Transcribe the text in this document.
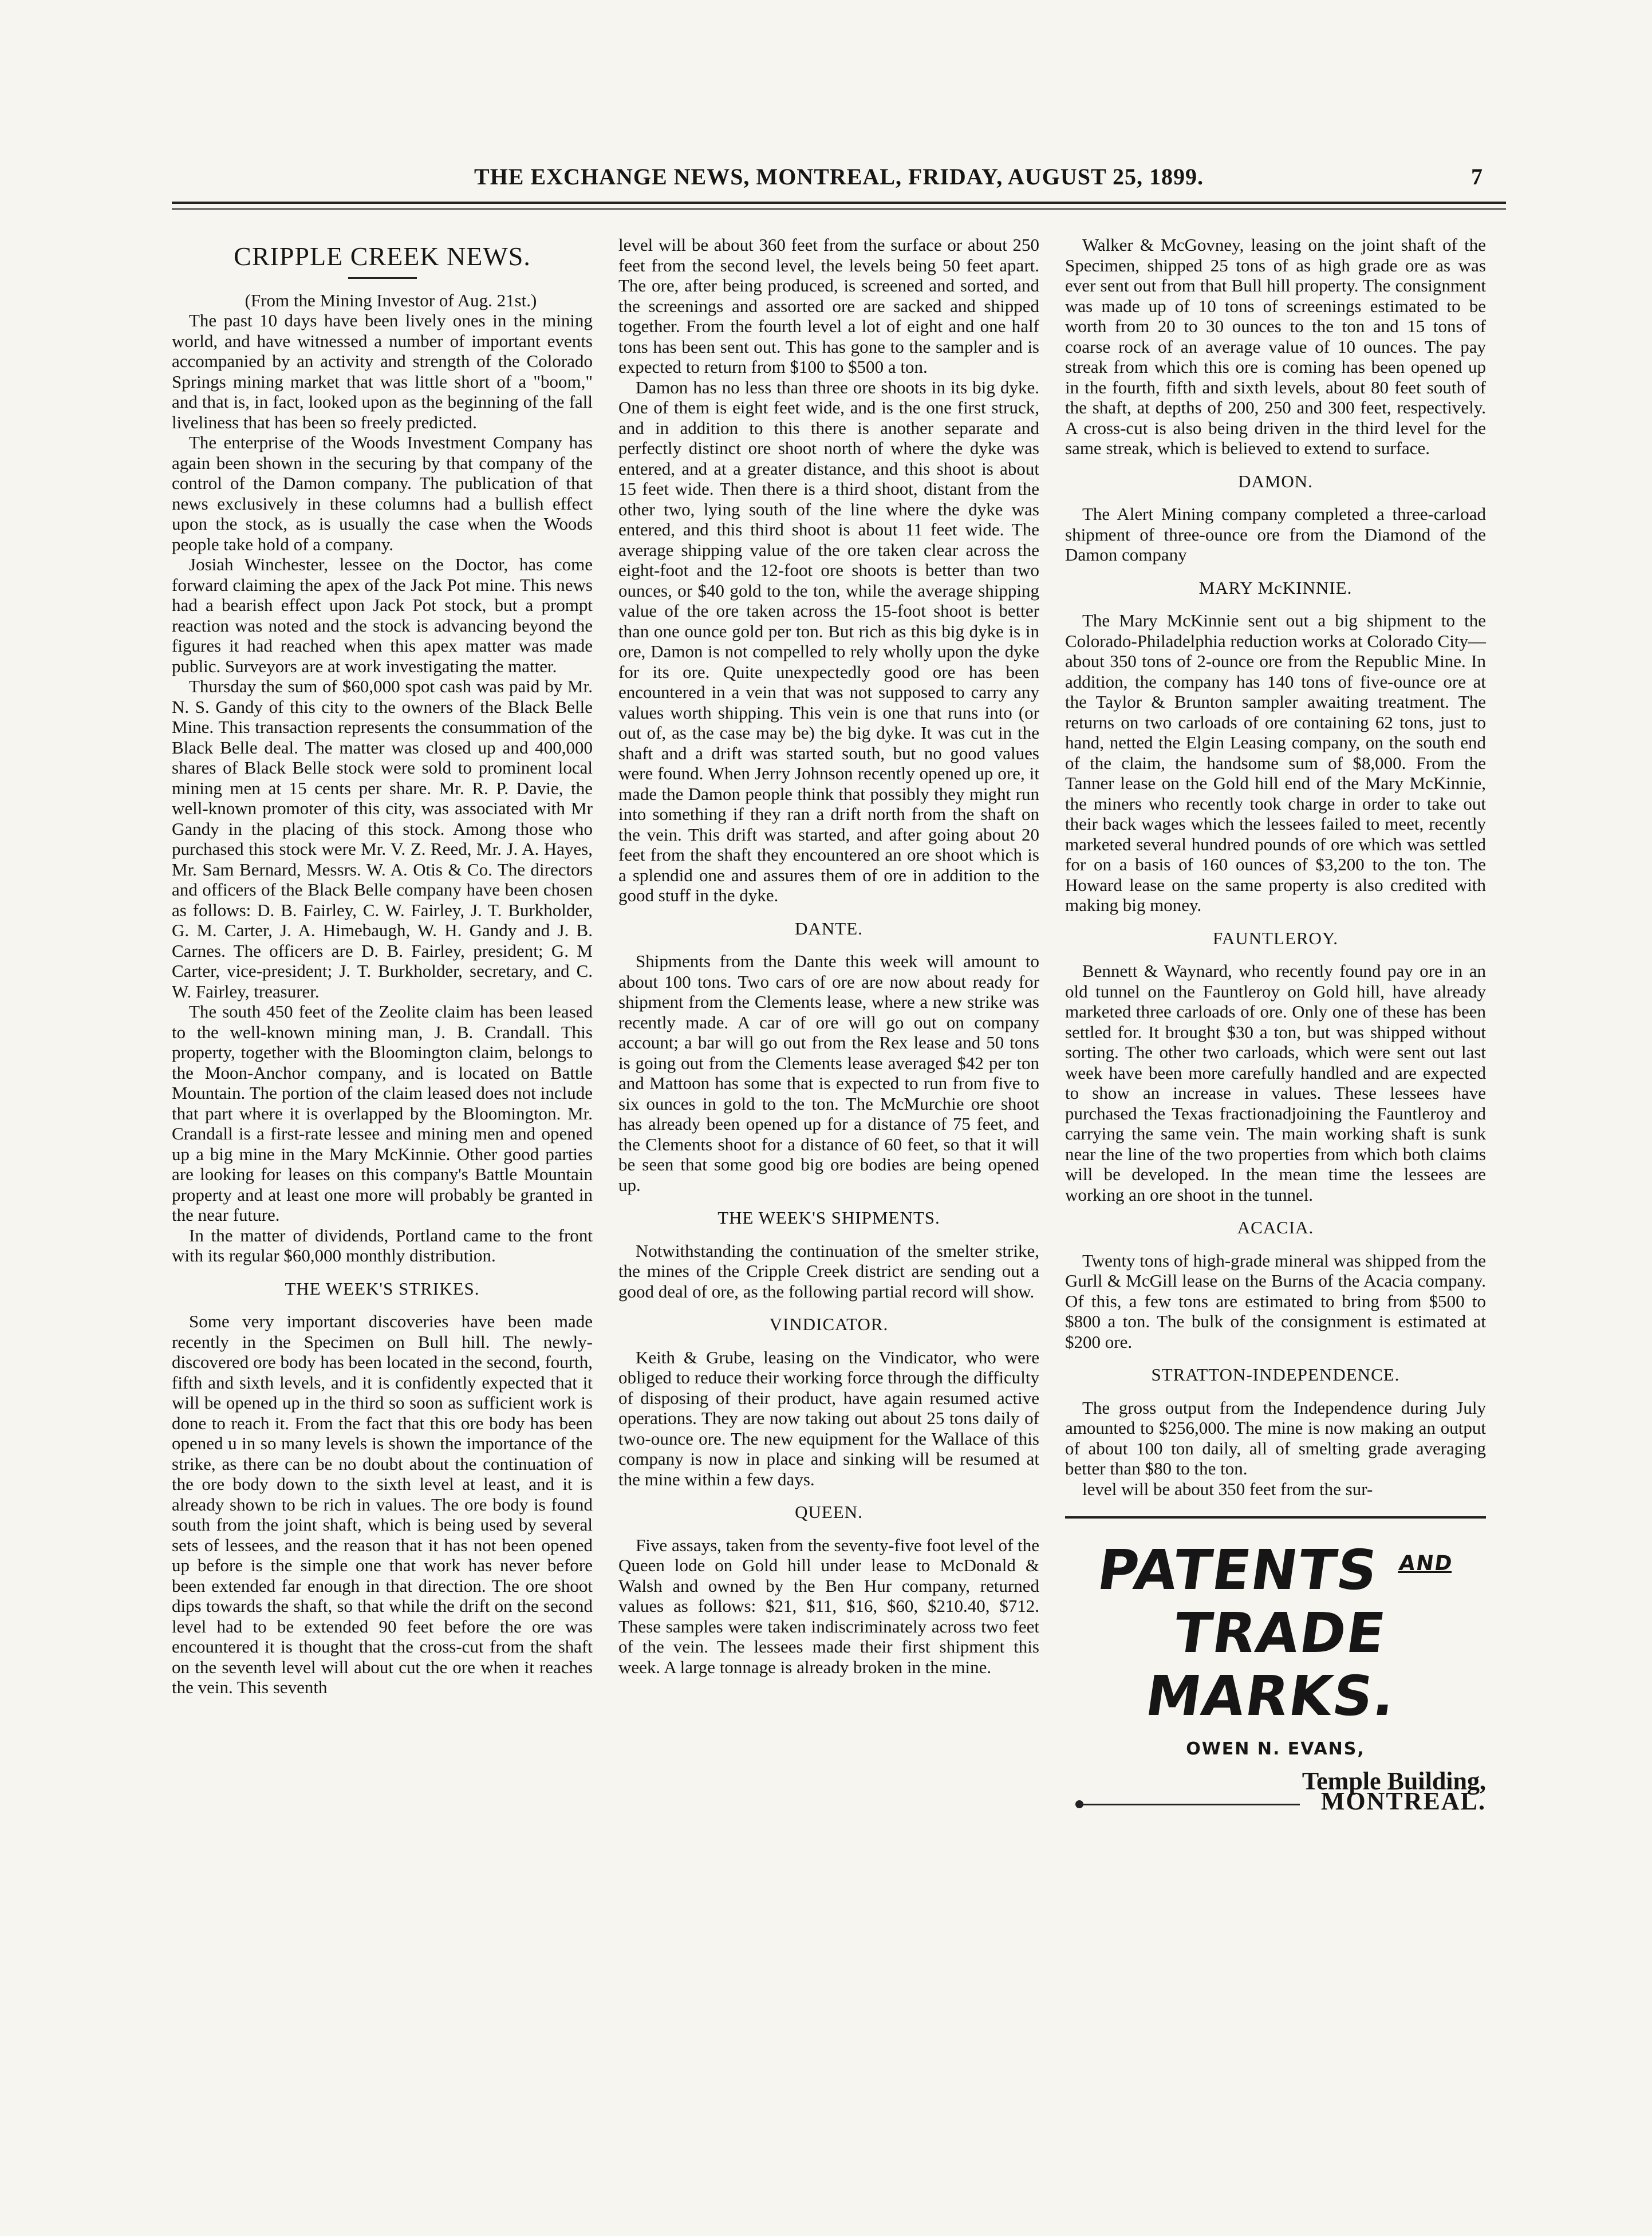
THE EXCHANGE NEWS, MONTREAL, FRIDAY, AUGUST 25, 1899.	7
CRIPPLE CREEK NEWS.

(From the Mining Investor of Aug. 21st.)

The past 10 days have been lively ones in the mining world, and have witnessed a number of important events accompanied by an activity and strength of the Colorado Springs mining market that was little short of a "boom," and that is, in fact, looked upon as the beginning of the fall liveliness that has been so freely predicted.

The enterprise of the Woods Investment Company has again been shown in the securing by that company of the control of the Damon company. The publication of that news exclusively in these columns had a bullish effect upon the stock, as is usually the case when the Woods people take hold of a company.

Josiah Winchester, lessee on the Doctor, has come forward claiming the apex of the Jack Pot mine. This news had a bearish effect upon Jack Pot stock, but a prompt reaction was noted and the stock is advancing beyond the figures it had reached when this apex matter was made public. Surveyors are at work investigating the matter.

Thursday the sum of $60,000 spot cash was paid by Mr. N. S. Gandy of this city to the owners of the Black Belle Mine. This transaction represents the consummation of the Black Belle deal. The matter was closed up and 400,000 shares of Black Belle stock were sold to prominent local mining men at 15 cents per share. Mr. R. P. Davie, the well-known promoter of this city, was associated with Mr Gandy in the placing of this stock. Among those who purchased this stock were Mr. V. Z. Reed, Mr. J. A. Hayes, Mr. Sam Bernard, Messrs. W. A. Otis & Co. The directors and officers of the Black Belle company have been chosen as follows: D. B. Fairley, C. W. Fairley, J. T. Burkholder, G. M. Carter, J. A. Himebaugh, W. H. Gandy and J. B. Carnes. The officers are D. B. Fairley, president; G. M Carter, vice-president; J. T. Burkholder, secretary, and C. W. Fairley, treasurer.

The south 450 feet of the Zeolite claim has been leased to the well-known mining man, J. B. Crandall. This property, together with the Bloomington claim, belongs to the Moon-Anchor company, and is located on Battle Mountain. The portion of the claim leased does not include that part where it is overlapped by the Bloomington. Mr. Crandall is a first-rate lessee and mining men and opened up a big mine in the Mary McKinnie. Other good parties are looking for leases on this company's Battle Mountain property and at least one more will probably be granted in the near future.

In the matter of dividends, Portland came to the front with its regular $60,000 monthly distribution.

THE WEEK'S STRIKES.

Some very important discoveries have been made recently in the Specimen on Bull hill. The newly-discovered ore body has been located in the second, fourth, fifth and sixth levels, and it is confidently expected that it will be opened up in the third so soon as sufficient work is done to reach it. From the fact that this ore body has been opened u in so many levels is shown the importance of the strike, as there can be no doubt about the continuation of the ore body down to the sixth level at least, and it is already shown to be rich in values. The ore body is found south from the joint shaft, which is being used by several sets of lessees, and the reason that it has not been opened up before is the simple one that work has never before been extended far enough in that direction. The ore shoot dips towards the shaft, so that while the drift on the second level had to be extended 90 feet before the ore was encountered it is thought that the cross-cut from the shaft on the seventh level will about cut the ore when it reaches the vein. This seventh

level will be about 360 feet from the surface or about 250 feet from the second level, the levels being 50 feet apart. The ore, after being produced, is screened and sorted, and the screenings and assorted ore are sacked and shipped together. From the fourth level a lot of eight and one half tons has been sent out. This has gone to the sampler and is expected to return from $100 to $500 a ton.

Damon has no less than three ore shoots in its big dyke. One of them is eight feet wide, and is the one first struck, and in addition to this there is another separate and perfectly distinct ore shoot north of where the dyke was entered, and at a greater distance, and this shoot is about 15 feet wide. Then there is a third shoot, distant from the other two, lying south of the line where the dyke was entered, and this third shoot is about 11 feet wide. The average shipping value of the ore taken clear across the eight-foot and the 12-foot ore shoots is better than two ounces, or $40 gold to the ton, while the average shipping value of the ore taken across the 15-foot shoot is better than one ounce gold per ton. But rich as this big dyke is in ore, Damon is not compelled to rely wholly upon the dyke for its ore. Quite unexpectedly good ore has been encountered in a vein that was not supposed to carry any values worth shipping. This vein is one that runs into (or out of, as the case may be) the big dyke. It was cut in the shaft and a drift was started south, but no good values were found. When Jerry Johnson recently opened up ore, it made the Damon people think that possibly they might run into something if they ran a drift north from the shaft on the vein. This drift was started, and after going about 20 feet from the shaft they encountered an ore shoot which is a splendid one and assures them of ore in addition to the good stuff in the dyke.

DANTE.

Shipments from the Dante this week will amount to about 100 tons. Two cars of ore are now about ready for shipment from the Clements lease, where a new strike was recently made. A car of ore will go out on company account; a bar will go out from the Rex lease and 50 tons is going out from the Clements lease averaged $42 per ton and Mattoon has some that is expected to run from five to six ounces in gold to the ton. The McMurchie ore shoot has already been opened up for a distance of 75 feet, and the Clements shoot for a distance of 60 feet, so that it will be seen that some good big ore bodies are being opened up.

THE WEEK'S SHIPMENTS.

Notwithstanding the continuation of the smelter strike, the mines of the Cripple Creek district are sending out a good deal of ore, as the following partial record will show.

VINDICATOR.

Keith & Grube, leasing on the Vindicator, who were obliged to reduce their working force through the difficulty of disposing of their product, have again resumed active operations. They are now taking out about 25 tons daily of two-ounce ore. The new equipment for the Wallace of this company is now in place and sinking will be resumed at the mine within a few days.

QUEEN.

Five assays, taken from the seventy-five foot level of the Queen lode on Gold hill under lease to McDonald & Walsh and owned by the Ben Hur company, returned values as follows: $21, $11, $16, $60, $210.40, $712. These samples were taken indiscriminately across two feet of the vein. The lessees made their first shipment this week. A large tonnage is already broken in the mine.

Walker & McGovney, leasing on the joint shaft of the Specimen, shipped 25 tons of as high grade ore as was ever sent out from that Bull hill property. The consignment was made up of 10 tons of screenings estimated to be worth from 20 to 30 ounces to the ton and 15 tons of coarse rock of an average value of 10 ounces. The pay streak from which this ore is coming has been opened up in the fourth, fifth and sixth levels, about 80 feet south of the shaft, at depths of 200, 250 and 300 feet, respectively. A cross-cut is also being driven in the third level for the same streak, which is believed to extend to surface.

DAMON.

The Alert Mining company completed a three-carload shipment of three-ounce ore from the Diamond of the Damon company

MARY McKINNIE.

The Mary McKinnie sent out a big shipment to the Colorado-Philadelphia reduction works at Colorado City—about 350 tons of 2-ounce ore from the Republic Mine. In addition, the company has 140 tons of five-ounce ore at the Taylor & Brunton sampler awaiting treatment. The returns on two carloads of ore containing 62 tons, just to hand, netted the Elgin Leasing company, on the south end of the claim, the handsome sum of $8,000. From the Tanner lease on the Gold hill end of the Mary McKinnie, the miners who recently took charge in order to take out their back wages which the lessees failed to meet, recently marketed several hundred pounds of ore which was settled for on a basis of 160 ounces of $3,200 to the ton. The Howard lease on the same property is also credited with making big money.

FAUNTLEROY.

Bennett & Waynard, who recently found pay ore in an old tunnel on the Fauntleroy on Gold hill, have already marketed three carloads of ore. Only one of these has been settled for. It brought $30 a ton, but was shipped without sorting. The other two carloads, which were sent out last week have been more carefully handled and are expected to show an increase in values. These lessees have purchased the Texas fractionadjoining the Fauntleroy and carrying the same vein. The main working shaft is sunk near the line of the two properties from which both claims will be developed. In the mean time the lessees are working an ore shoot in the tunnel.

ACACIA.

Twenty tons of high-grade mineral was shipped from the Gurll & McGill lease on the Burns of the Acacia company. Of this, a few tons are estimated to bring from $500 to $800 a ton. The bulk of the consignment is estimated at $200 ore.

STRATTON-INDEPENDENCE.

The gross output from the Independence during July amounted to $256,000. The mine is now making an output of about 100 ton daily, all of smelting grade averaging better than $80 to the ton.

level will be about 350 feet from the sur-

PATENTS $^{AND}$
TRADE MARKS.
OWEN N. EVANS,
Temple Building,
MONTREAL.
